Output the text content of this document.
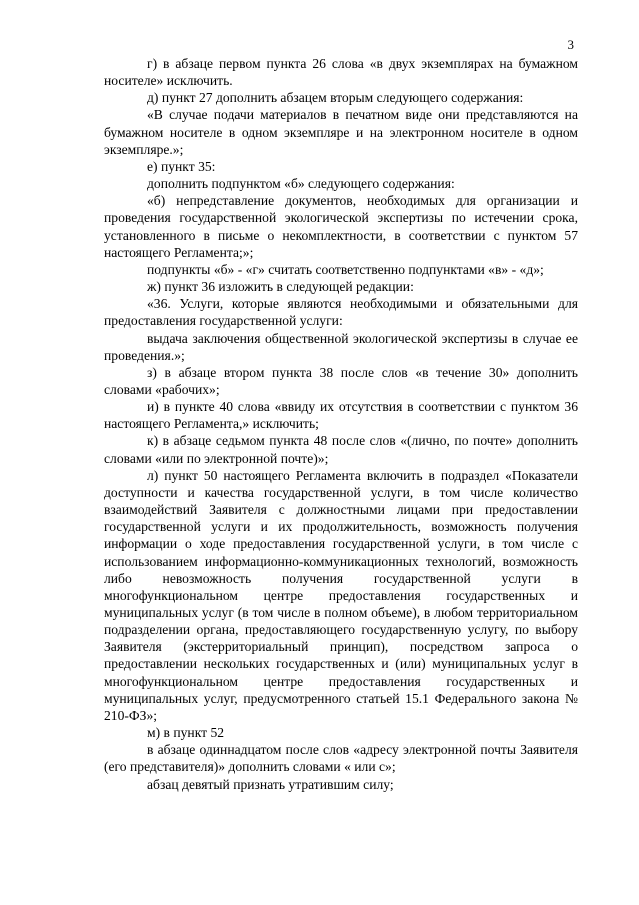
3

г) в абзаце первом пункта 26 слова «в двух экземплярах на бумажном носителе» исключить.

д) пункт 27 дополнить абзацем вторым следующего содержания:

«В случае подачи материалов в печатном виде они представляются на бумажном носителе в одном экземпляре и на электронном носителе в одном экземпляре.»;

е) пункт 35:

дополнить подпунктом «б» следующего содержания:

«б) непредставление документов, необходимых для организации и проведения государственной экологической экспертизы по истечении срока, установленного в письме о некомплектности, в соответствии с пунктом 57 настоящего Регламента;»;

подпункты «б» - «г» считать соответственно подпунктами «в» - «д»;

ж) пункт 36 изложить в следующей редакции:

«36. Услуги, которые являются необходимыми и обязательными для предоставления государственной услуги:

выдача заключения общественной экологической экспертизы в случае ее проведения.»;

з) в абзаце втором пункта 38 после слов «в течение 30» дополнить словами «рабочих»;

и) в пункте 40 слова «ввиду их отсутствия в соответствии с пунктом 36 настоящего Регламента,» исключить;

к) в абзаце седьмом пункта 48 после слов «(лично, по почте» дополнить словами «или по электронной почте)»;

л) пункт 50 настоящего Регламента включить в подраздел «Показатели доступности и качества государственной услуги, в том числе количество взаимодействий Заявителя с должностными лицами при предоставлении государственной услуги и их продолжительность, возможность получения информации о ходе предоставления государственной услуги, в том числе с использованием информационно-коммуникационных технологий, возможность либо невозможность получения государственной услуги в многофункциональном центре предоставления государственных и муниципальных услуг (в том числе в полном объеме), в любом территориальном подразделении органа, предоставляющего государственную услугу, по выбору Заявителя (экстерриториальный принцип), посредством запроса о предоставлении нескольких государственных и (или) муниципальных услуг в многофункциональном центре предоставления государственных и муниципальных услуг, предусмотренного статьей 15.1 Федерального закона № 210-ФЗ»;

м) в пункт 52

в абзаце одиннадцатом после слов «адресу электронной почты Заявителя (его представителя)» дополнить словами « или с»;

абзац девятый признать утратившим силу;
